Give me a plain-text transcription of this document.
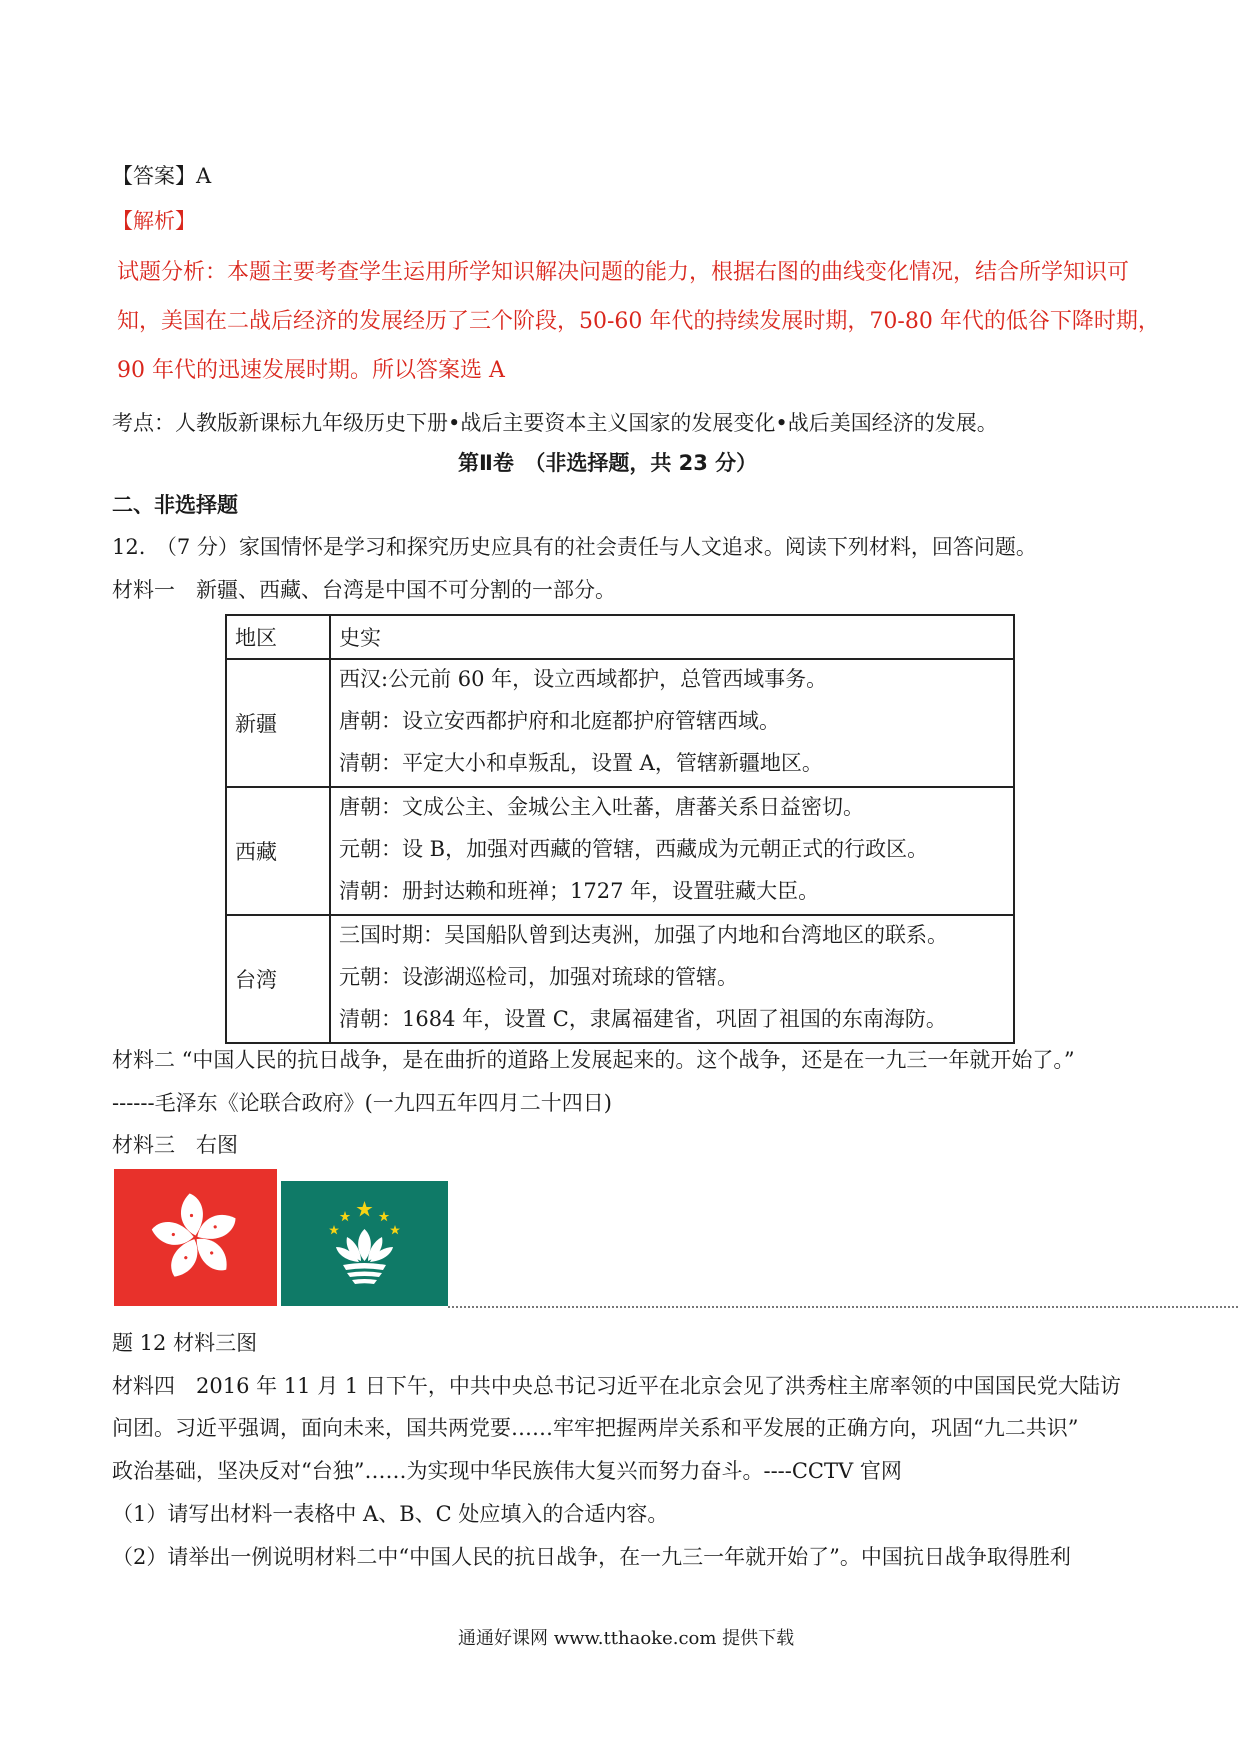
【答案】A
【解析】
试题分析：本题主要考查学生运用所学知识解决问题的能力，根据右图的曲线变化情况，结合所学知识可
知，美国在二战后经济的发展经历了三个阶段，50-60 年代的持续发展时期，70-80 年代的低谷下降时期，
90 年代的迅速发展时期。所以答案选 A
考点：人教版新课标九年级历史下册•战后主要资本主义国家的发展变化•战后美国经济的发展。
第Ⅱ卷　（非选择题，共 23 分）
二、非选择题
12.　（7 分）家国情怀是学习和探究历史应具有的社会责任与人文追求。阅读下列材料，回答问题。
材料一　新疆、西藏、台湾是中国不可分割的一部分。
地区	史实
新疆	西汉:公元前 60 年，设立西域都护，总管西域事务。
唐朝：设立安西都护府和北庭都护府管辖西域。
清朝：平定大小和卓叛乱，设置 A，管辖新疆地区。

西藏	唐朝：文成公主、金城公主入吐蕃，唐蕃关系日益密切。
元朝：设 B，加强对西藏的管辖，西藏成为元朝正式的行政区。
清朝：册封达赖和班禅；1727 年，设置驻藏大臣。

台湾	三国时期：吴国船队曾到达夷洲，加强了内地和台湾地区的联系。
元朝：设澎湖巡检司，加强对琉球的管辖。
清朝：1684 年，设置 C，隶属福建省，巩固了祖国的东南海防。
材料二 “中国人民的抗日战争，是在曲折的道路上发展起来的。这个战争，还是在一九三一年就开始了。”
------毛泽东《论联合政府》(一九四五年四月二十四日)
材料三　右图
题 12 材料三图
材料四　2016 年 11 月 1 日下午，中共中央总书记习近平在北京会见了洪秀柱主席率领的中国国民党大陆访
问团。习近平强调，面向未来，国共两党要……牢牢把握两岸关系和平发展的正确方向，巩固“九二共识”
政治基础，坚决反对“台独”……为实现中华民族伟大复兴而努力奋斗。----CCTV 官网
（1）请写出材料一表格中 A、B、C 处应填入的合适内容。
（2）请举出一例说明材料二中“中国人民的抗日战争，在一九三一年就开始了”。中国抗日战争取得胜利
通通好课网 www.tthaoke.com 提供下载
